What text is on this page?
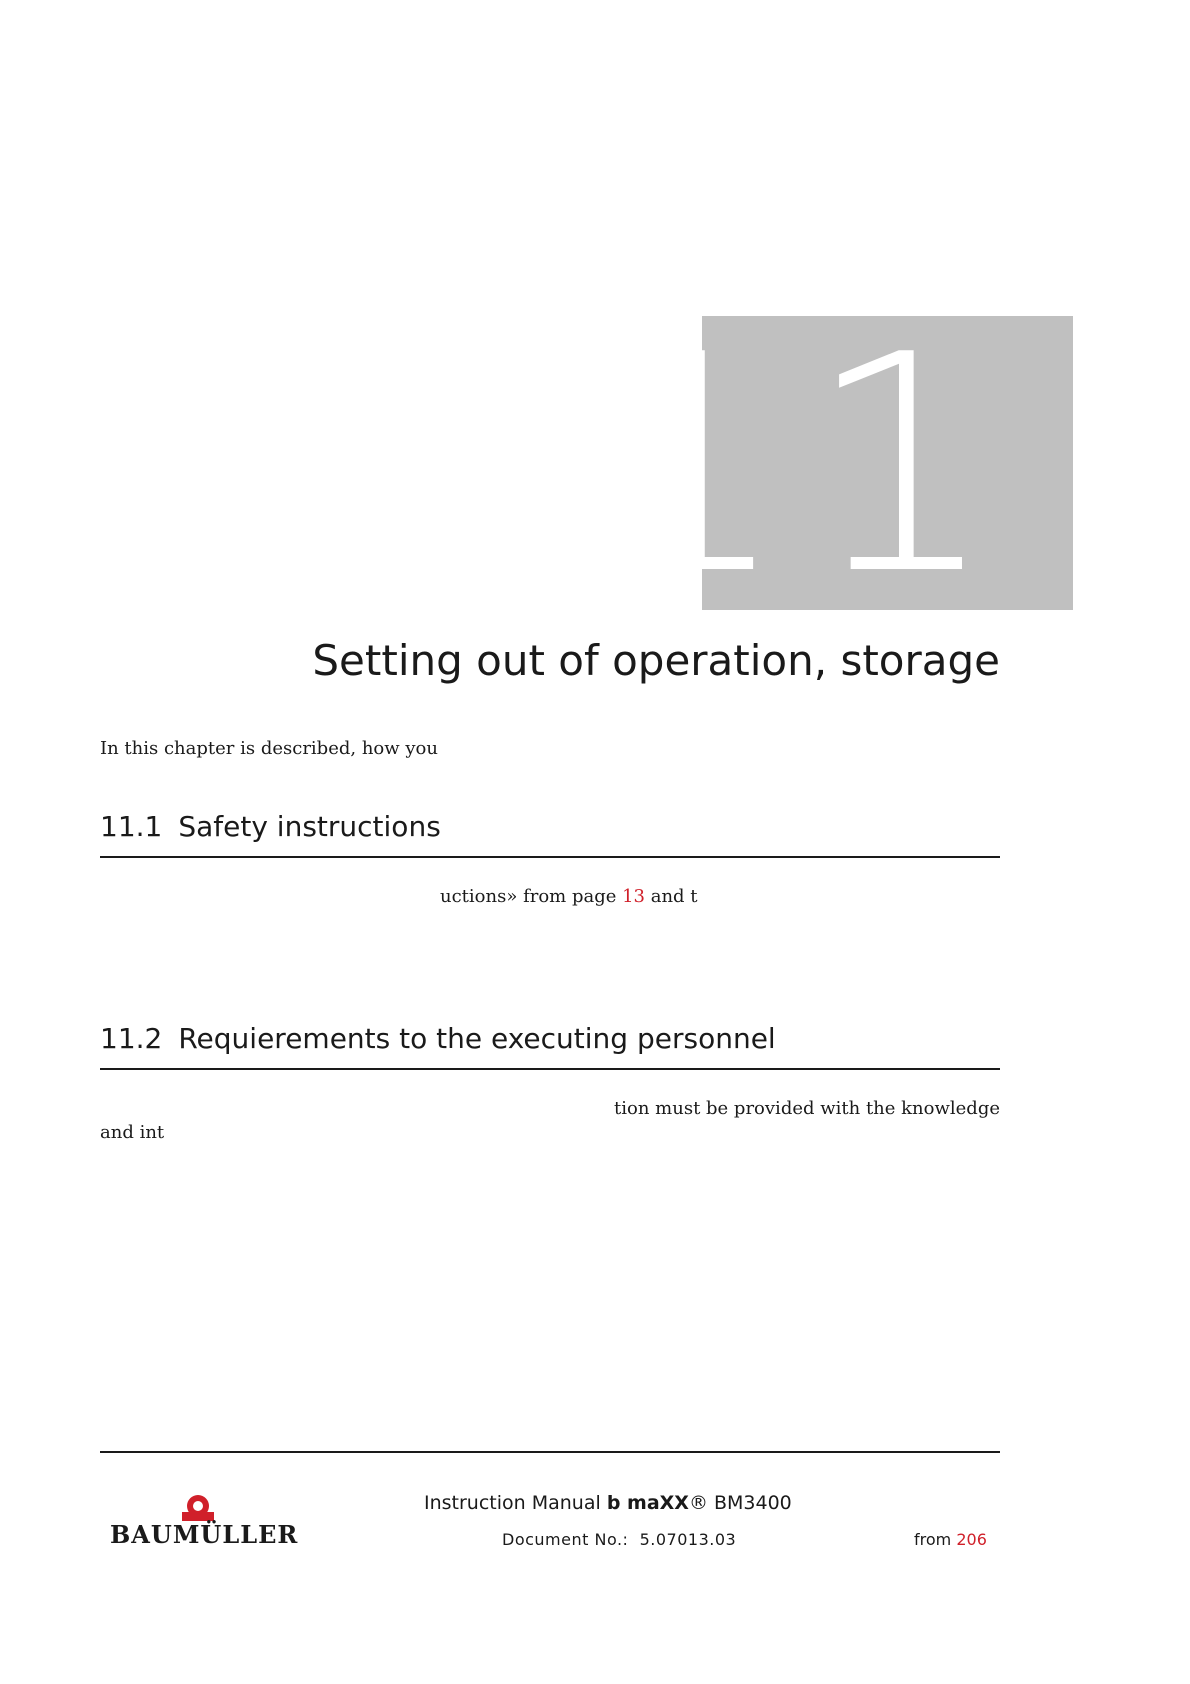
11
Setting out of operation, storage
In this chapter is described, how you
11.1 Safety instructions
uctions» from page 13 and t
11.2 Requierements to the executing personnel
tion must be provided with the knowledge
and int
BAUMÜLLER
Instruction Manual b maXX® BM3400
Document No.: 5.07013.03	from 206
